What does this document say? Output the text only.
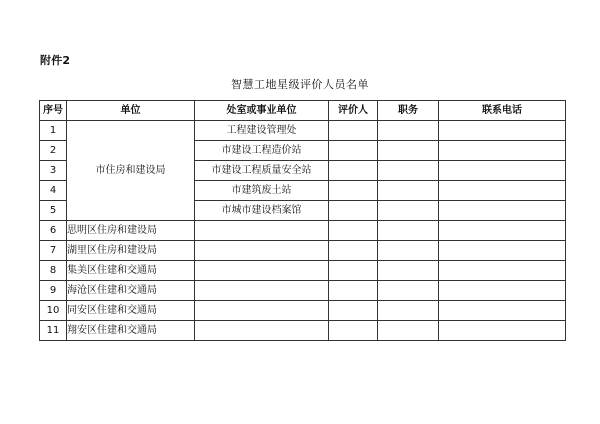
附件2
智慧工地星级评价人员名单
序号	单位	处室或事业单位	评价人	职务	联系电话
1	市住房和建设局	工程建设管理处			
2		市建设工程造价站			
3		市建设工程质量安全站			
4		市建筑废土站			
5		市城市建设档案馆			
6	思明区住房和建设局				
7	湖里区住房和建设局				
8	集美区住建和交通局				
9	海沧区住建和交通局				
10	同安区住建和交通局				
11	翔安区住建和交通局				
